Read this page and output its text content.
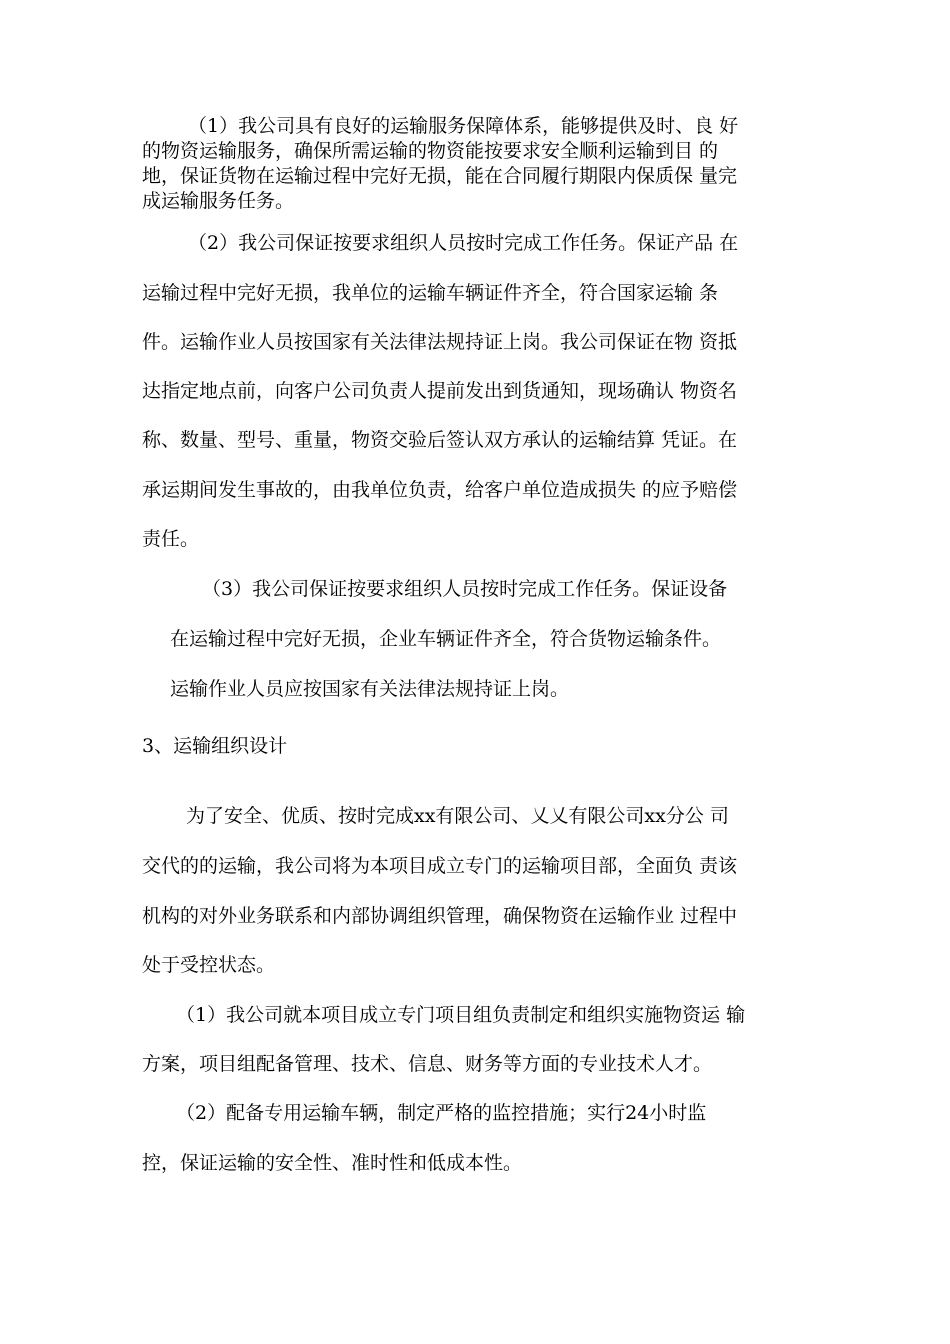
（1）我公司具有良好的运输服务保障体系，能够提供及时、良 好

的物资运输服务，确保所需运输的物资能按要求安全顺利运输到目 的

地，保证货物在运输过程中完好无损，能在合同履行期限内保质保 量完

成运输服务任务。

（2）我公司保证按要求组织人员按时完成工作任务。保证产品 在

运输过程中完好无损，我单位的运输车辆证件齐全，符合国家运输 条

件。运输作业人员按国家有关法律法规持证上岗。我公司保证在物 资抵

达指定地点前，向客户公司负责人提前发出到货通知，现场确认 物资名

称、数量、型号、重量，物资交验后签认双方承认的运输结算 凭证。在

承运期间发生事故的，由我单位负责，给客户单位造成损失 的应予赔偿

责任。

（3）我公司保证按要求组织人员按时完成工作任务。保证设备

在运输过程中完好无损，企业车辆证件齐全，符合货物运输条件。

运输作业人员应按国家有关法律法规持证上岗。

3、运输组织设计

为了安全、优质、按时完成xx有限公司、乂乂有限公司xx分公 司

交代的的运输，我公司将为本项目成立专门的运输项目部，全面负 责该

机构的对外业务联系和内部协调组织管理，确保物资在运输作业 过程中

处于受控状态。

（1）我公司就本项目成立专门项目组负责制定和组织实施物资运 输

方案，项目组配备管理、技术、信息、财务等方面的专业技术人才。

（2）配备专用运输车辆，制定严格的监控措施；实行24小时监

控，保证运输的安全性、准时性和低成本性。
